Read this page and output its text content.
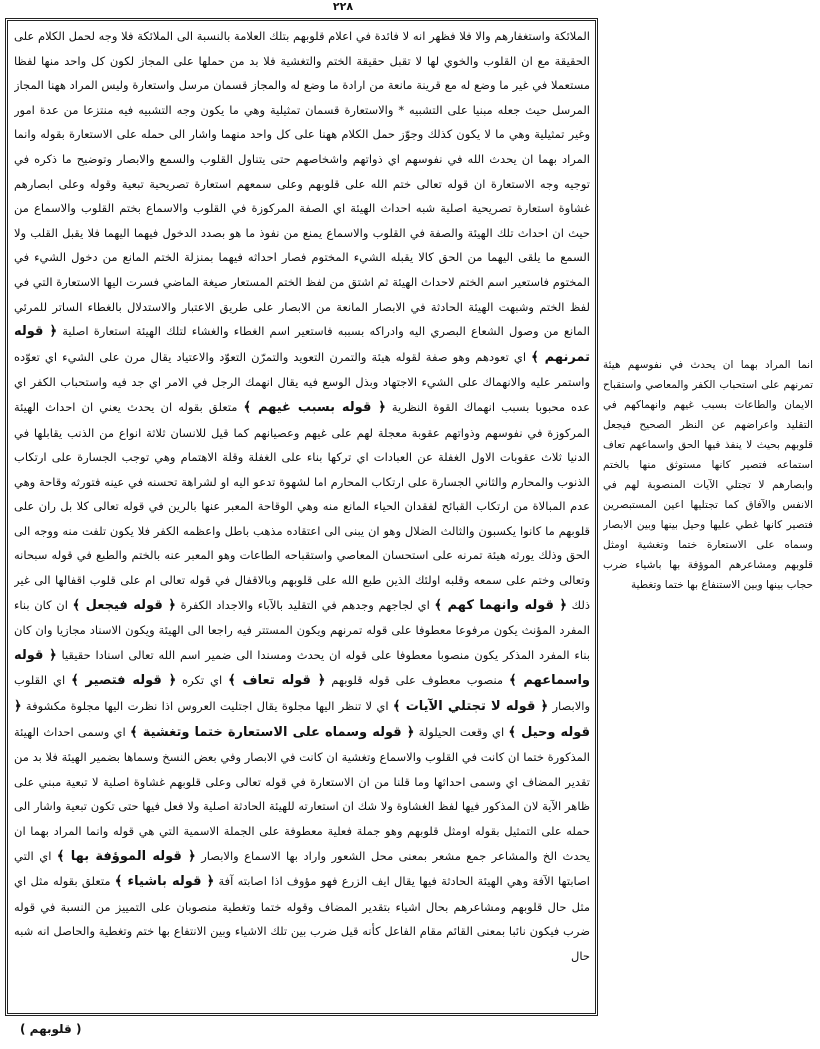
٢٢٨

الملائكة واستغفارهم والا فلا فظهر انه لا فائدة في اعلام قلوبهم بتلك العلامة بالنسبة الى الملائكة فلا وجه لحمل الكلام على الحقيقة مع ان القلوب والخوي لها لا تقبل حقيقة الختم والتغشية فلا بد من حملها على المجاز لكون كل واحد منها لفظا مستعملا في غير ما وضع له مع قرينة مانعة من ارادة ما وضع له والمجاز قسمان مرسل واستعارة وليس المراد ههنا المجاز المرسل حيث جعله مبنيا على التشبيه * والاستعارة قسمان تمثيلية وهي ما يكون وجه التشبيه فيه منتزعا من عدة امور وغير تمثيلية وهي ما لا يكون كذلك وجوّز حمل الكلام ههنا على كل واحد منهما واشار الى حمله على الاستعارة بقوله وانما المراد بهما ان يحدث الله في نفوسهم اي ذواتهم واشخاصهم حتى يتناول القلوب والسمع والابصار وتوضيح ما ذكره في توجيه وجه الاستعارة ان قوله تعالى ختم الله على قلوبهم وعلى سمعهم استعارة تصريحية تبعية وقوله وعلى ابصارهم غشاوة استعارة تصريحية اصلية شبه احداث الهيئة اي الصفة المركوزة في القلوب والاسماع بختم القلوب والاسماع من حيث ان احداث تلك الهيئة والصفة في القلوب والاسماع يمنع من نفوذ ما هو بصدد الدخول فيهما اليهما فلا يقبل القلب ولا السمع ما يلقى اليهما من الحق كالا يقبله الشيء المختوم فصار احداثه فيهما بمنزلة الختم المانع من دخول الشيء في المختوم فاستعير اسم الختم لاحداث الهيئة ثم اشتق من لفظ الختم المستعار صيغة الماضي فسرت اليها الاستعارة التي في لفظ الختم وشبهت الهيئة الحادثة في الابصار المانعة من الابصار على طريق الاعتبار والاستدلال بالغطاء الساتر للمرئي المانع من وصول الشعاع البصري اليه وادراكه بسببه فاستعير اسم الغطاء والغشاء لتلك الهيئة استعارة اصلية ﴿ قوله تمرنهم ﴾ اي تعودهم وهو صفة لقوله هيئة والتمرن التعويد والتمرّن التعوّد والاعتياد يقال مرن على الشيء اي تعوّده واستمر عليه والانهماك على الشيء الاجتهاد وبذل الوسع فيه يقال انهمك الرجل في الامر اي جد فيه واستحباب الكفر اي عده محبوبا بسبب انهماك القوة النظرية ﴿ قوله بسبب غيهم ﴾ متعلق بقوله ان يحدث يعني ان احداث الهيئة المركوزة في نفوسهم وذواتهم عقوبة معجلة لهم على غيهم وعصيانهم كما قيل للانسان ثلاثة انواع من الذنب يقابلها في الدنيا ثلاث عقوبات الاول الغفلة عن العبادات اي تركها بناء على الغفلة وقلة الاهتمام وهي توجب الجسارة على ارتكاب الذنوب والمحارم والثاني الجسارة على ارتكاب المحارم اما لشهوة تدعو اليه او لشراهة تحسنه في عينه فتورثه وقاحة وهي عدم المبالاة من ارتكاب القبائح لفقدان الحياء المانع منه وهي الوقاحة المعبر عنها بالرين في قوله تعالى كلا بل ران على قلوبهم ما كانوا يكسبون والثالث الضلال وهو ان يبنى الى اعتقاده مذهب باطل واعظمه الكفر فلا يكون تلفت منه ووجه الى الحق وذلك يورثه هيئة تمرنه على استحسان المعاصي واستقباحه الطاعات وهو المعبر عنه بالختم والطبع في قوله سبحانه وتعالى وختم على سمعه وقلبه اولئك الذين طبع الله على قلوبهم وبالاقفال في قوله تعالى ام على قلوب اقفالها الى غير ذلك ﴿ قوله وانهما كهم ﴾ اي لجاجهم وجدهم في التقليد بالآباء والاجداد الكفرة ﴿ قوله فيجعل ﴾ ان كان بناء المفرد المؤنث يكون مرفوعا معطوفا على قوله تمرنهم ويكون المستتر فيه راجعا الى الهيئة ويكون الاسناد مجازيا وان كان بناء المفرد المذكر يكون منصوبا معطوفا على قوله ان يحدث ومسندا الى ضمير اسم الله تعالى اسنادا حقيقيا ﴿ قوله واسماعهم ﴾ منصوب معطوف على قوله قلوبهم ﴿ قوله تعاف ﴾ اي تكره ﴿ قوله فتصير ﴾ اي القلوب والابصار ﴿ قوله لا تجتلي الآيات ﴾ اي لا تنظر اليها مجلوة يقال اجتليت العروس اذا نظرت اليها مجلوة مكشوفة ﴿ قوله وحيل ﴾ اي وقعت الحيلولة ﴿ قوله وسماه على الاستعارة ختما وتغشية ﴾ اي وسمى احداث الهيئة المذكورة ختما ان كانت في القلوب والاسماع وتغشية ان كانت في الابصار وفي بعض النسخ وسماها بضمير الهيئة فلا بد من تقدير المضاف اي وسمى احداثها وما قلنا من ان الاستعارة في قوله تعالى وعلى قلوبهم غشاوة اصلية لا تبعية مبني على ظاهر الآية لان المذكور فيها لفظ الغشاوة ولا شك ان استعارته للهيئة الحادثة اصلية ولا فعل فيها حتى تكون تبعية واشار الى حمله على التمثيل بقوله اومثل قلوبهم وهو جملة فعلية معطوفة على الجملة الاسمية التي هي قوله وانما المراد بهما ان يحدث الخ والمشاعر جمع مشعر بمعنى محل الشعور واراد بها الاسماع والابصار ﴿ قوله الموؤفة بها ﴾ اي التي اصابتها الآفة وهي الهيئة الحادثة فيها يقال ايف الزرع فهو مؤوف اذا اصابته آفة ﴿ قوله باشياء ﴾ متعلق بقوله مثل اي مثل حال قلوبهم ومشاعرهم بحال اشياء بتقدير المضاف وقوله ختما وتغطية منصوبان على التمييز من النسبة في قوله ضرب فيكون نائبا بمعنى القائم مقام الفاعل كأنه قيل ضرب بين تلك الاشياء وبين الانتفاع بها ختم وتغطية والحاصل انه شبه حال

انما المراد بهما ان يحدث في نفوسهم هيئة تمرنهم على استحباب الكفر والمعاصي واستقباح الايمان والطاعات بسبب غيهم وانهماكهم في التقليد واعراضهم عن النظر الصحيح فيجعل قلوبهم بحيث لا ينفذ فيها الحق واسماعهم تعاف استماعه فتصير كانها مستوثق منها بالختم وابصارهم لا تجتلي الآيات المنصوبة لهم في الانفس والآفاق كما تجتليها اعين المستبصرين فتصير كانها غطي عليها وحيل بينها وبين الابصار وسماه على الاستعارة ختما وتغشية اومثل قلوبهم ومشاعرهم الموؤفة بها باشياء ضرب حجاب بينها وبين الاستنفاع بها ختما وتغطية
( قلوبهم )
